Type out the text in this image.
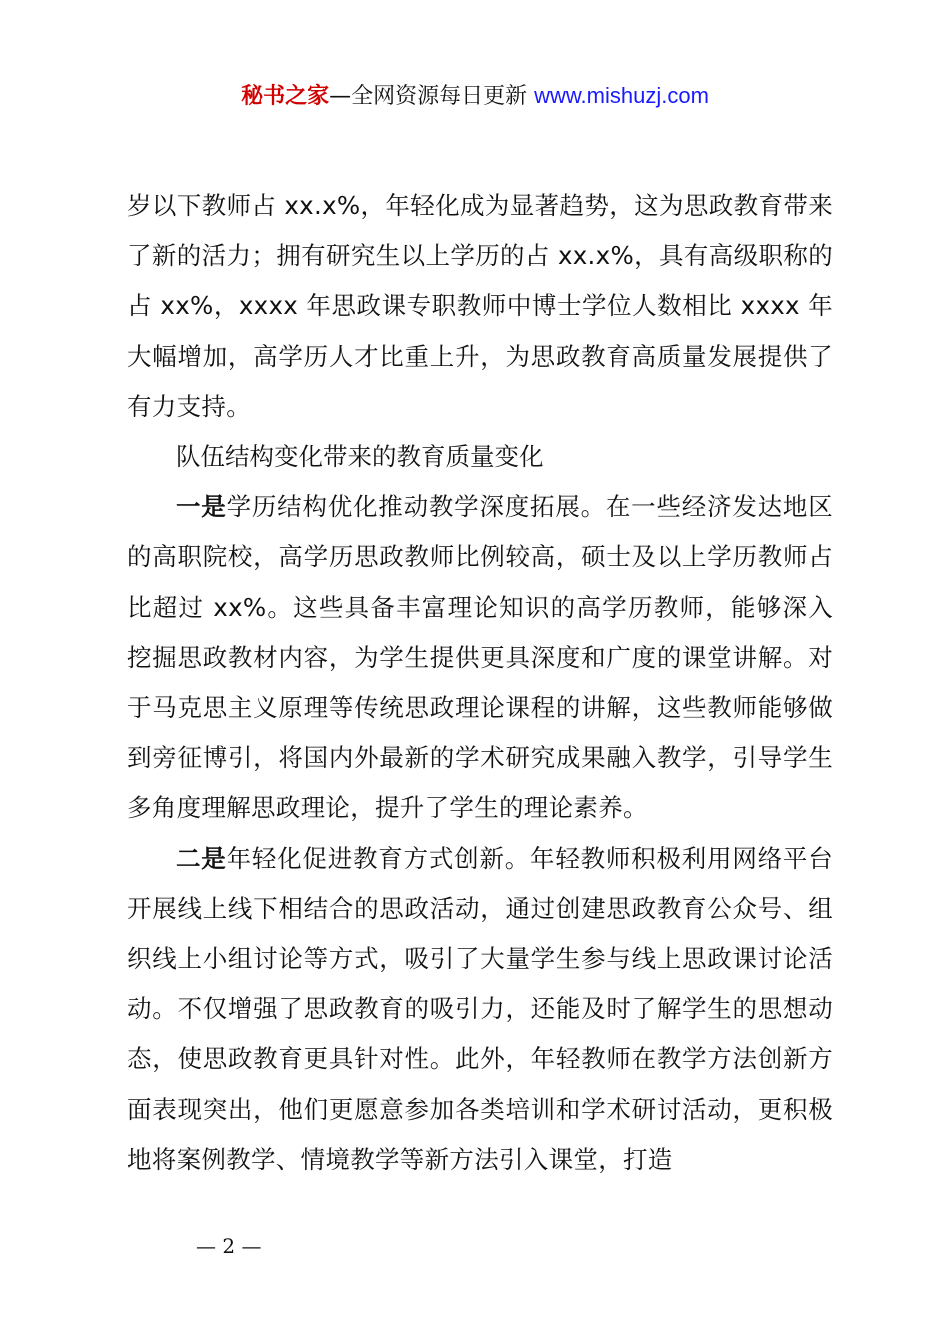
秘书之家—全网资源每日更新 www.mishuzj.com

岁以下教师占 xx.x%，年轻化成为显著趋势，这为思政教育带来了新的活力；拥有研究生以上学历的占 xx.x%，具有高级职称的占 xx%，xxxx 年思政课专职教师中博士学位人数相比 xxxx 年大幅增加，高学历人才比重上升，为思政教育高质量发展提供了有力支持。

队伍结构变化带来的教育质量变化

一是学历结构优化推动教学深度拓展。在一些经济发达地区的高职院校，高学历思政教师比例较高，硕士及以上学历教师占比超过 xx%。这些具备丰富理论知识的高学历教师，能够深入挖掘思政教材内容，为学生提供更具深度和广度的课堂讲解。对于马克思主义原理等传统思政理论课程的讲解，这些教师能够做到旁征博引，将国内外最新的学术研究成果融入教学，引导学生多角度理解思政理论，提升了学生的理论素养。

二是年轻化促进教育方式创新。年轻教师积极利用网络平台开展线上线下相结合的思政活动，通过创建思政教育公众号、组织线上小组讨论等方式，吸引了大量学生参与线上思政课讨论活动。不仅增强了思政教育的吸引力，还能及时了解学生的思想动态，使思政教育更具针对性。此外，年轻教师在教学方法创新方面表现突出，他们更愿意参加各类培训和学术研讨活动，更积极地将案例教学、情境教学等新方法引入课堂，打造

— 2 —
